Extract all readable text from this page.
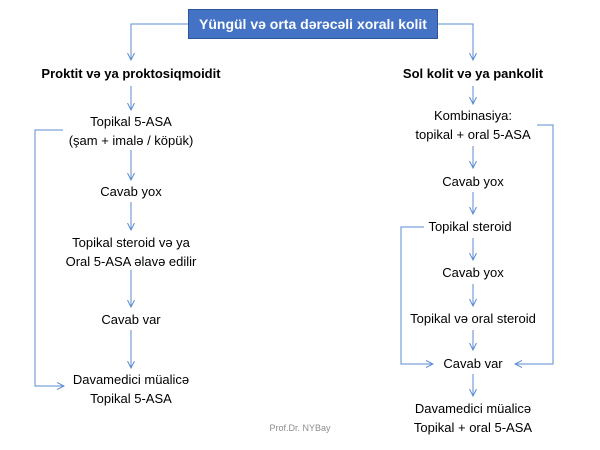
Yüngül və orta dərəcəli xoralı kolit
Proktit və ya proktosiqmoidit	Sol kolit və ya pankolit
Topikal 5-ASA
(şam + imalə / köpük)
Cavab yox
Topikal steroid və ya
Oral 5-ASA əlavə edilir
Cavab var
Davamedici müalicə
Topikal 5-ASA
Kombinasiya:
topikal + oral 5-ASA
Cavab yox
Topikal steroid
Cavab yox
Topikal və oral steroid
Cavab var
Davamedici müalicə
Topikal + oral 5-ASA
Prof.Dr. NYBay
